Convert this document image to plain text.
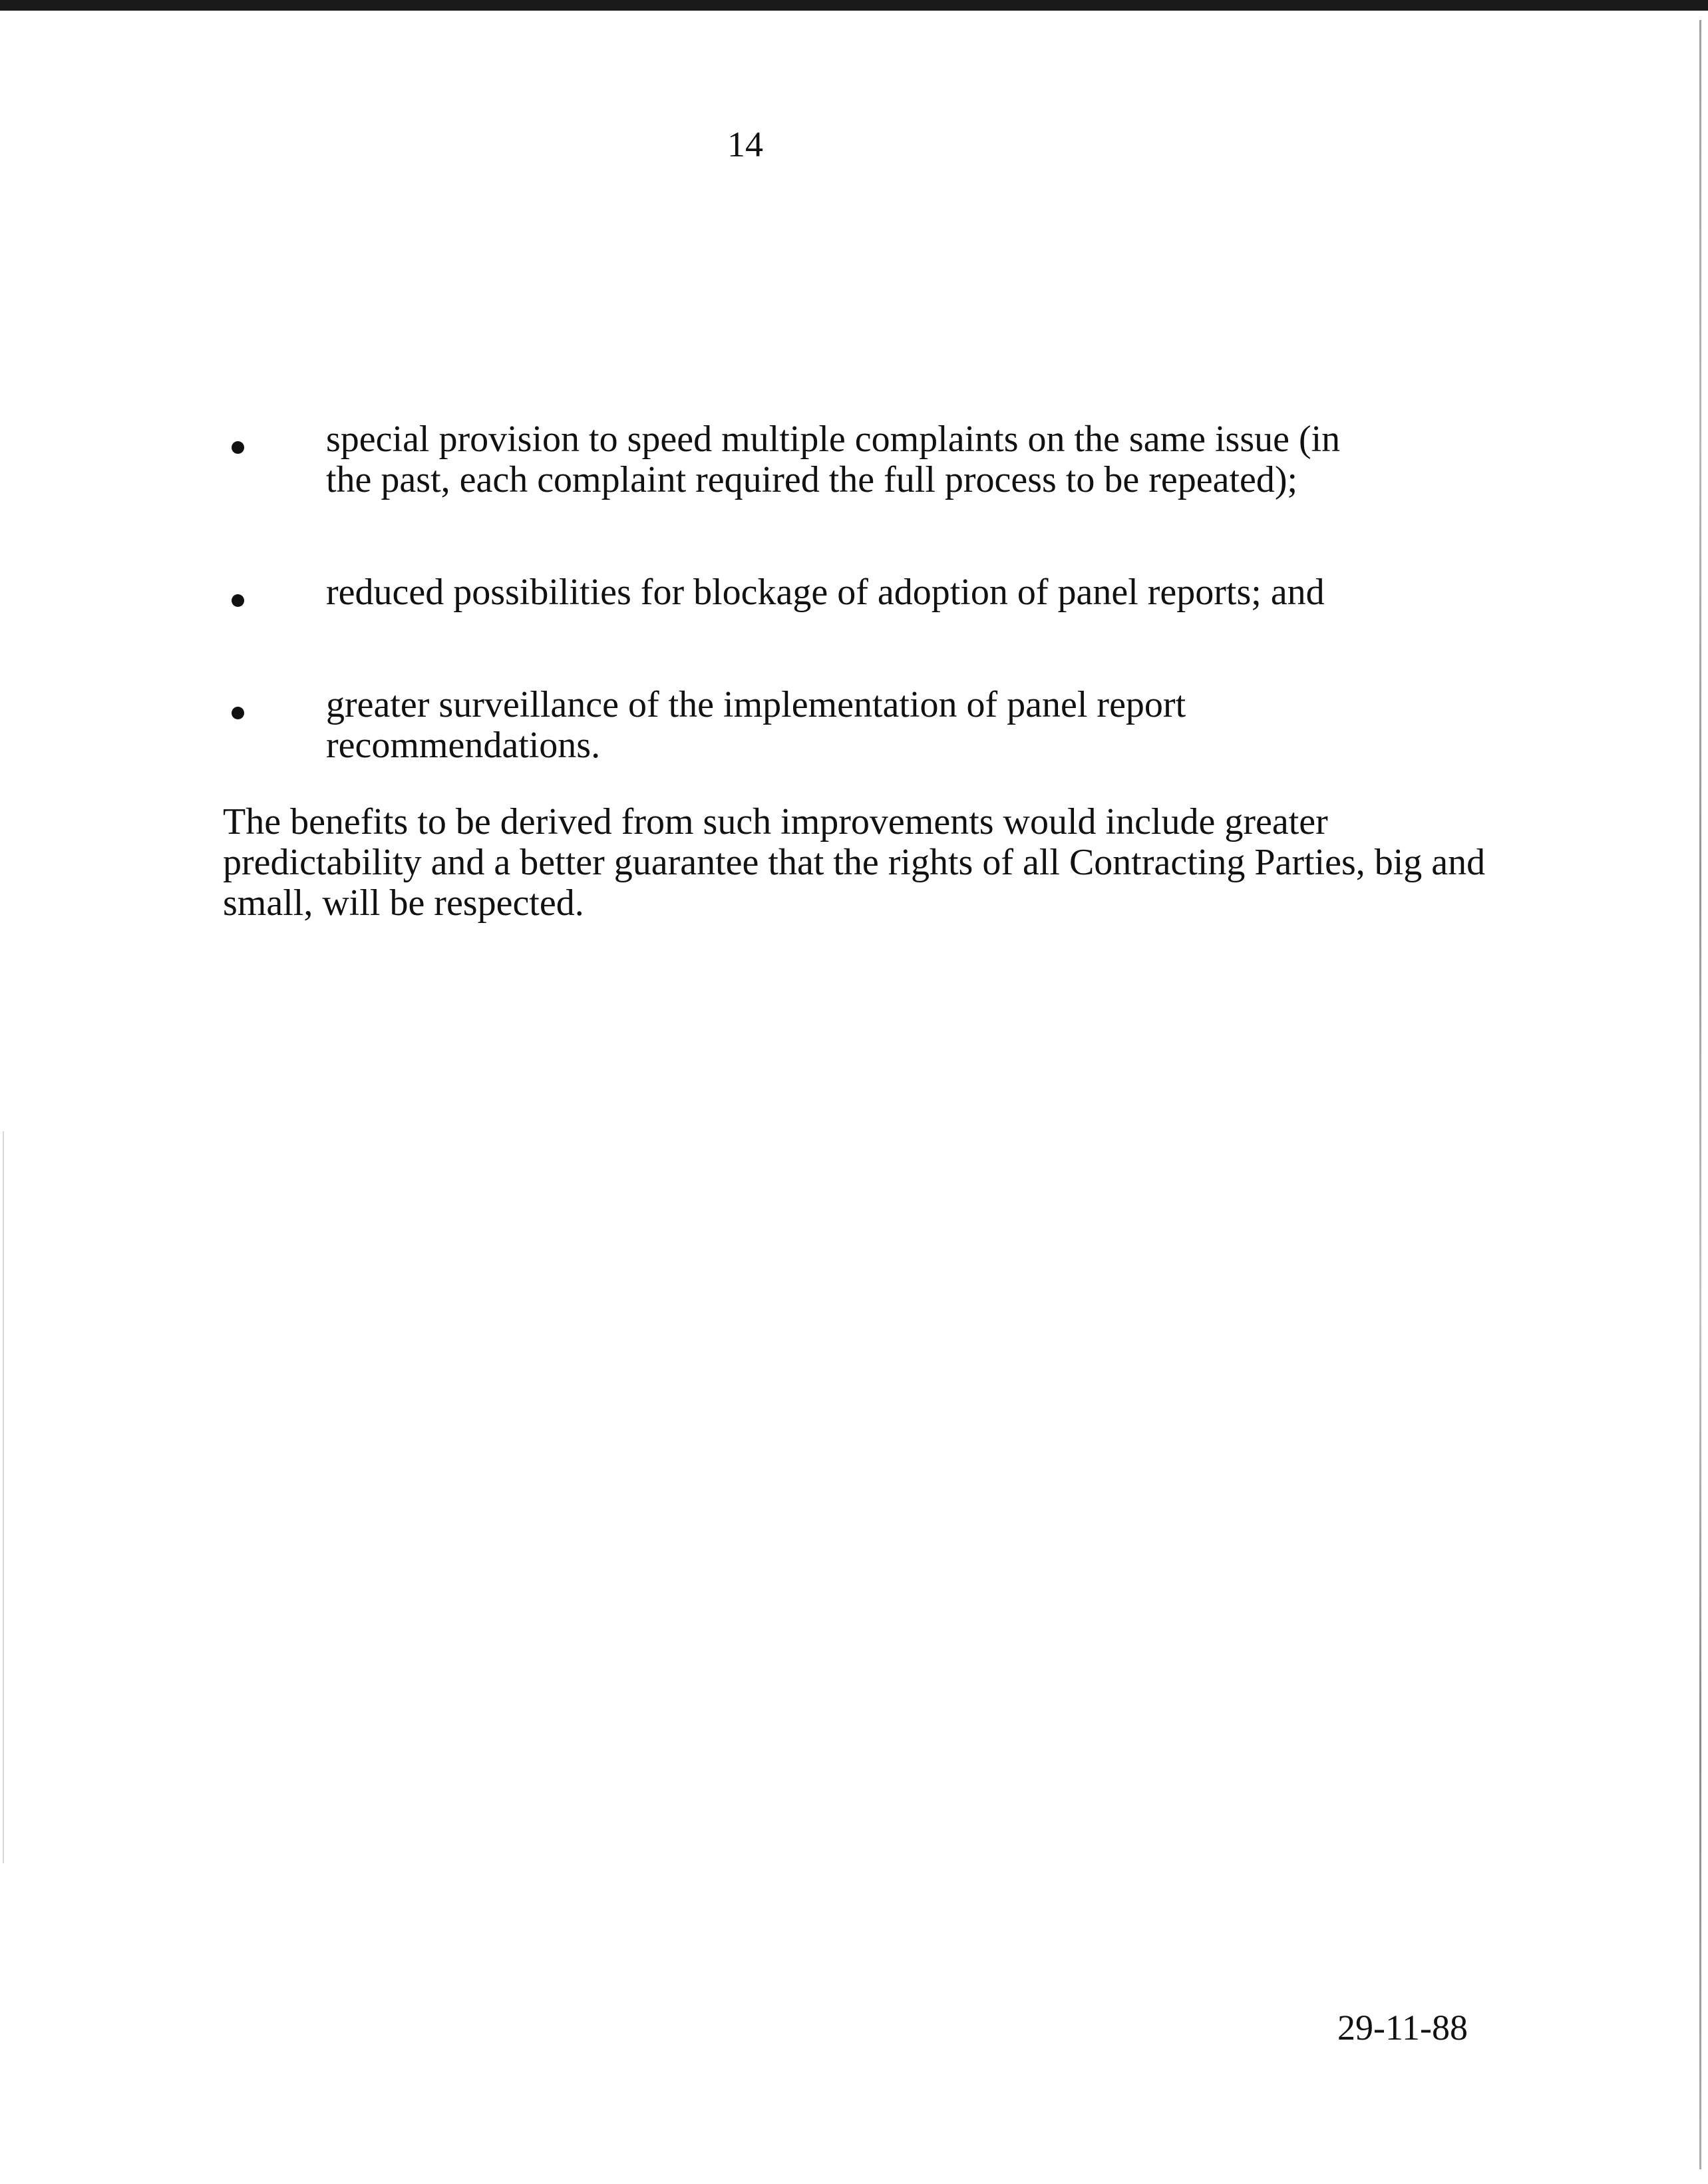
14
special provision to speed multiple complaints on the same issue (in the past, each complaint required the full process to be repeated);
reduced possibilities for blockage of adoption of panel reports; and
greater surveillance of the implementation of panel report recommendations.

The benefits to be derived from such improvements would include greater predictability and a better guarantee that the rights of all Contracting Parties, big and small, will be respected.

29-11-88
